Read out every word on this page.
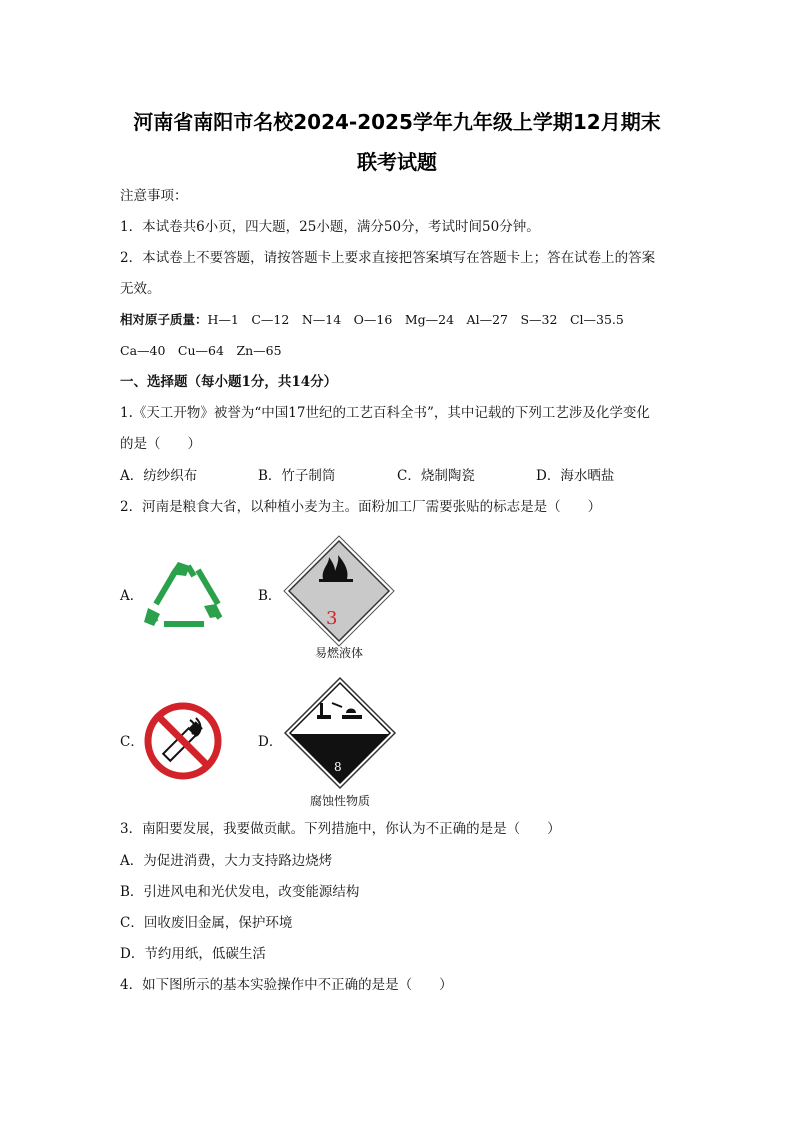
河南省南阳市名校2024-2025学年九年级上学期12月期末
联考试题
注意事项：
1．本试卷共6小页，四大题，25小题，满分50分，考试时间50分钟。
2．本试卷上不要答题，请按答题卡上要求直接把答案填写在答题卡上；答在试卷上的答案
无效。
相对原子质量：H—1　C—12　N—14　O—16　Mg—24　Al—27　S—32　Cl—35.5
Ca—40　Cu—64　Zn—65
一、选择题（每小题1分，共14分）
1.《天工开物》被誉为“中国17世纪的工艺百科全书”，其中记载的下列工艺涉及化学变化
的是（　　）
A．纺纱织布	B．竹子制筒	C．烧制陶瓷	D．海水晒盐
2．河南是粮食大省，以种植小麦为主。面粉加工厂需要张贴的标志是是（　　）
A．	B．
3
易燃液体
C．	D．
8
腐蚀性物质
3．南阳要发展，我要做贡献。下列措施中，你认为不正确的是是（　　）
A．为促进消费，大力支持路边烧烤
B．引进风电和光伏发电，改变能源结构
C．回收废旧金属，保护环境
D．节约用纸，低碳生活
4．如下图所示的基本实验操作中不正确的是是（　　）
